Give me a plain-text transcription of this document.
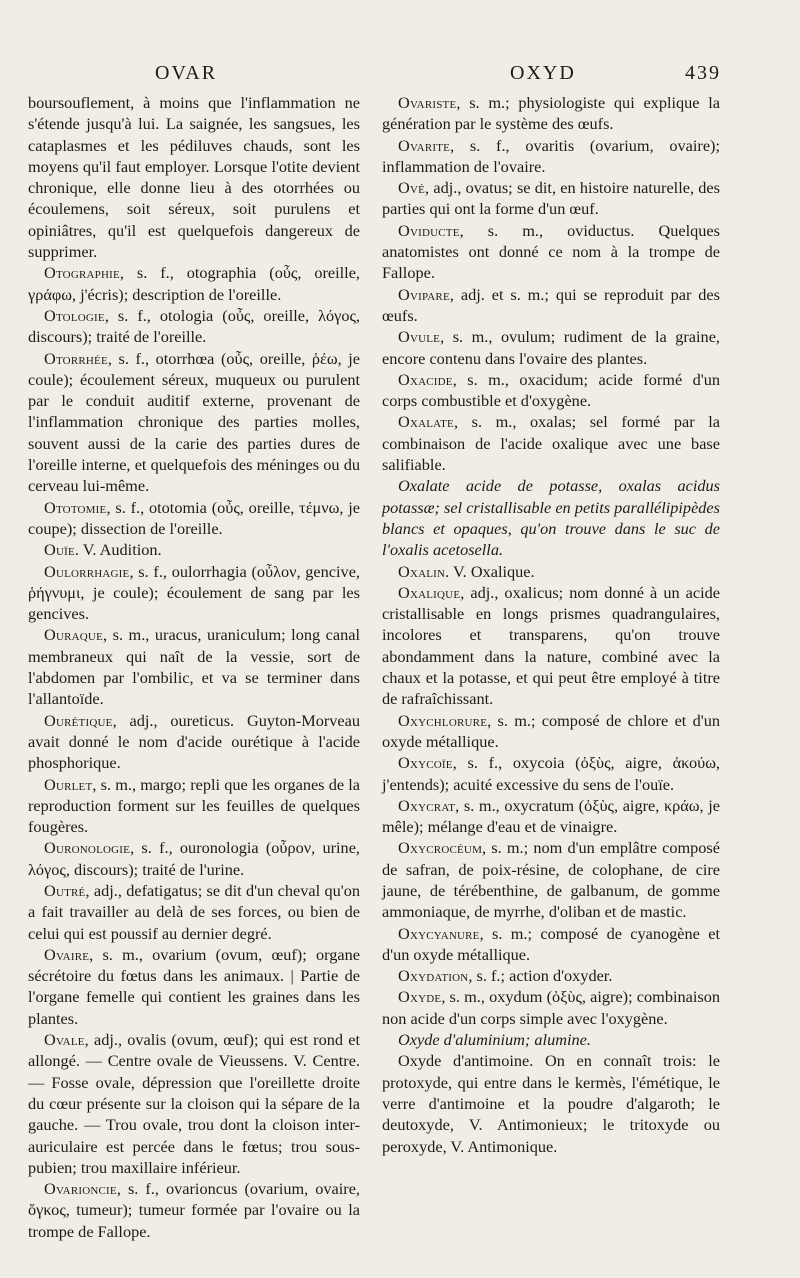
OVAR	OXYD	439

boursouflement, à moins que l'inflammation ne s'étende jusqu'à lui. La saignée, les sangsues, les cataplasmes et les pédiluves chauds, sont les moyens qu'il faut employer. Lorsque l'otite devient chronique, elle donne lieu à des otorrhées ou écoulemens, soit séreux, soit purulens et opiniâtres, qu'il est quelquefois dangereux de supprimer.

Otographie, s. f., otographia (οὖς, oreille, γράφω, j'écris); description de l'oreille.

Otologie, s. f., otologia (οὖς, oreille, λόγος, discours); traité de l'oreille.

Otorrhée, s. f., otorrhœa (οὖς, oreille, ῥέω, je coule); écoulement séreux, muqueux ou purulent par le conduit auditif externe, provenant de l'inflammation chronique des parties molles, souvent aussi de la carie des parties dures de l'oreille interne, et quelquefois des méninges ou du cerveau lui-même.

Ototomie, s. f., ototomia (οὖς, oreille, τέμνω, je coupe); dissection de l'oreille.

Ouïe. V. Audition.

Oulorrhagie, s. f., oulorrhagia (οὖλον, gencive, ῥήγνυμι, je coule); écoulement de sang par les gencives.

Ouraque, s. m., uracus, uraniculum; long canal membraneux qui naît de la vessie, sort de l'abdomen par l'ombilic, et va se terminer dans l'allantoïde.

Ourétique, adj., oureticus. Guyton-Morveau avait donné le nom d'acide ourétique à l'acide phosphorique.

Ourlet, s. m., margo; repli que les organes de la reproduction forment sur les feuilles de quelques fougères.

Ouronologie, s. f., ouronologia (οὖρον, urine, λόγος, discours); traité de l'urine.

Outré, adj., defatigatus; se dit d'un cheval qu'on a fait travailler au delà de ses forces, ou bien de celui qui est poussif au dernier degré.

Ovaire, s. m., ovarium (ovum, œuf); organe sécrétoire du fœtus dans les animaux. | Partie de l'organe femelle qui contient les graines dans les plantes.

Ovale, adj., ovalis (ovum, œuf); qui est rond et allongé. — Centre ovale de Vieussens. V. Centre. — Fosse ovale, dépression que l'oreillette droite du cœur présente sur la cloison qui la sépare de la gauche. — Trou ovale, trou dont la cloison inter-auriculaire est percée dans le fœtus; trou sous-pubien; trou maxillaire inférieur.

Ovarioncie, s. f., ovarioncus (ovarium, ovaire, ὄγκος, tumeur); tumeur formée par l'ovaire ou la trompe de Fallope.

Ovariste, s. m.; physiologiste qui explique la génération par le système des œufs.

Ovarite, s. f., ovaritis (ovarium, ovaire); inflammation de l'ovaire.

Ové, adj., ovatus; se dit, en histoire naturelle, des parties qui ont la forme d'un œuf.

Oviducte, s. m., oviductus. Quelques anatomistes ont donné ce nom à la trompe de Fallope.

Ovipare, adj. et s. m.; qui se reproduit par des œufs.

Ovule, s. m., ovulum; rudiment de la graine, encore contenu dans l'ovaire des plantes.

Oxacide, s. m., oxacidum; acide formé d'un corps combustible et d'oxygène.

Oxalate, s. m., oxalas; sel formé par la combinaison de l'acide oxalique avec une base salifiable.

Oxalate acide de potasse, oxalas acidus potassæ; sel cristallisable en petits parallélipipèdes blancs et opaques, qu'on trouve dans le suc de l'oxalis acetosella.

Oxalin. V. Oxalique.

Oxalique, adj., oxalicus; nom donné à un acide cristallisable en longs prismes quadrangulaires, incolores et transparens, qu'on trouve abondamment dans la nature, combiné avec la chaux et la potasse, et qui peut être employé à titre de rafraîchissant.

Oxychlorure, s. m.; composé de chlore et d'un oxyde métallique.

Oxycoïe, s. f., oxycoia (ὀξὺς, aigre, ἀκούω, j'entends); acuité excessive du sens de l'ouïe.

Oxycrat, s. m., oxycratum (ὀξὺς, aigre, κράω, je mêle); mélange d'eau et de vinaigre.

Oxycrocéum, s. m.; nom d'un emplâtre composé de safran, de poix-résine, de colophane, de cire jaune, de térébenthine, de galbanum, de gomme ammoniaque, de myrrhe, d'oliban et de mastic.

Oxycyanure, s. m.; composé de cyanogène et d'un oxyde métallique.

Oxydation, s. f.; action d'oxyder.

Oxyde, s. m., oxydum (ὀξὺς, aigre); combinaison non acide d'un corps simple avec l'oxygène.

Oxyde d'aluminium; alumine.

Oxyde d'antimoine. On en connaît trois: le protoxyde, qui entre dans le kermès, l'émétique, le verre d'antimoine et la poudre d'algaroth; le deutoxyde, V. Antimonieux; le tritoxyde ou peroxyde, V. Antimonique.
